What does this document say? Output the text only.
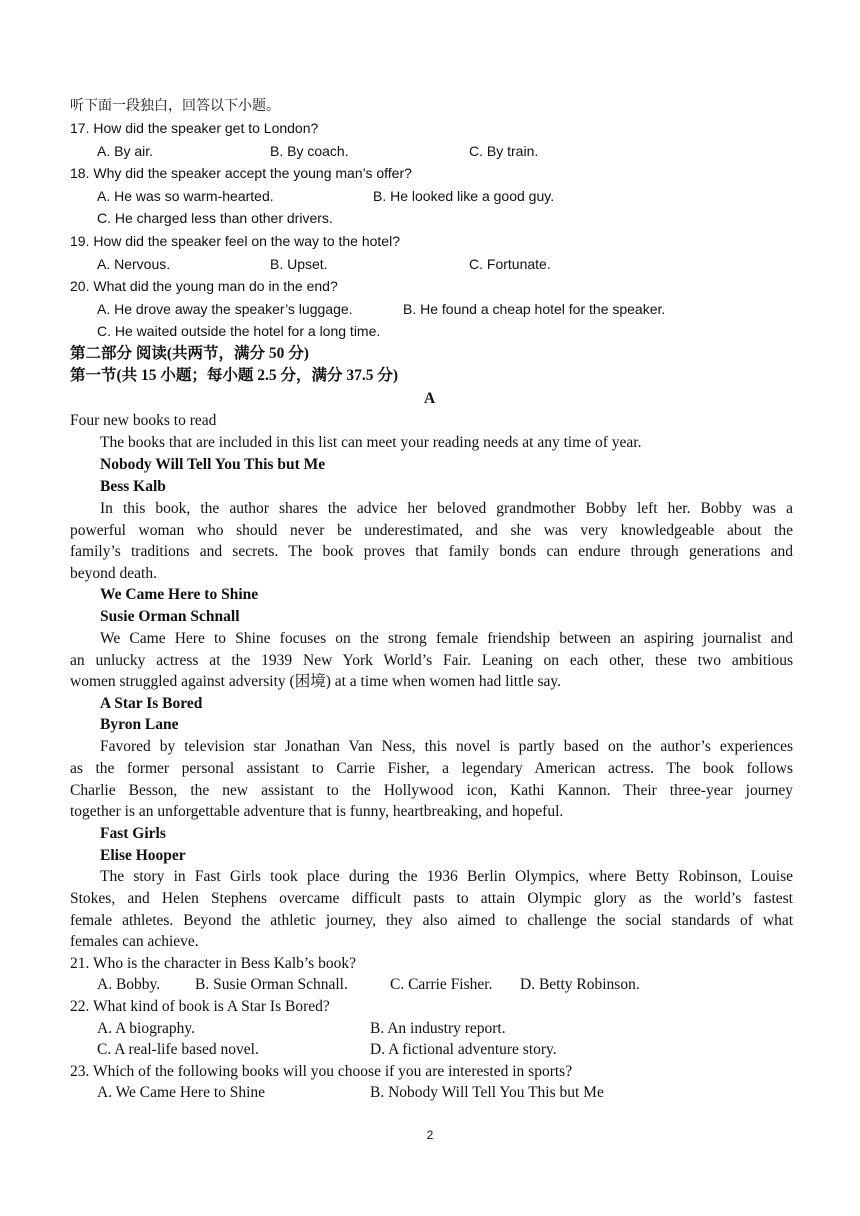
听下面一段独白，回答以下小题。
17. How did the speaker get to London?
A. By air.	B. By coach.	C. By train.
18. Why did the speaker accept the young man’s offer?
A. He was so warm-hearted.	B. He looked like a good guy.
C. He charged less than other drivers.
19. How did the speaker feel on the way to the hotel?
A. Nervous.	B. Upset.	C. Fortunate.
20. What did the young man do in the end?
A. He drove away the speaker’s luggage.	B. He found a cheap hotel for the speaker.
C. He waited outside the hotel for a long time.
第二部分 阅读(共两节，满分 50 分)
第一节(共 15 小题；每小题 2.5 分，满分 37.5 分)
A
Four new books to read
The books that are included in this list can meet your reading needs at any time of year.
Nobody Will Tell You This but Me
Bess Kalb
In this book, the author shares the advice her beloved grandmother Bobby left her. Bobby was a
powerful woman who should never be underestimated, and she was very knowledgeable about the
family’s traditions and secrets. The book proves that family bonds can endure through generations and
beyond death.
We Came Here to Shine
Susie Orman Schnall
We Came Here to Shine focuses on the strong female friendship between an aspiring journalist and
an unlucky actress at the 1939 New York World’s Fair. Leaning on each other, these two ambitious
women struggled against adversity (困境) at a time when women had little say.
A Star Is Bored
Byron Lane
Favored by television star Jonathan Van Ness, this novel is partly based on the author’s experiences
as the former personal assistant to Carrie Fisher, a legendary American actress. The book follows
Charlie Besson, the new assistant to the Hollywood icon, Kathi Kannon. Their three-year journey
together is an unforgettable adventure that is funny, heartbreaking, and hopeful.
Fast Girls
Elise Hooper
The story in Fast Girls took place during the 1936 Berlin Olympics, where Betty Robinson, Louise
Stokes, and Helen Stephens overcame difficult pasts to attain Olympic glory as the world’s fastest
female athletes. Beyond the athletic journey, they also aimed to challenge the social standards of what
females can achieve.
21. Who is the character in Bess Kalb’s book?
A. Bobby. B. Susie Orman Schnall.	C. Carrie Fisher. D. Betty Robinson.
22. What kind of book is A Star Is Bored?
A. A biography.	B. An industry report.
C. A real-life based novel.	D. A fictional adventure story.
23. Which of the following books will you choose if you are interested in sports?
A. We Came Here to Shine	B. Nobody Will Tell You This but Me
2
